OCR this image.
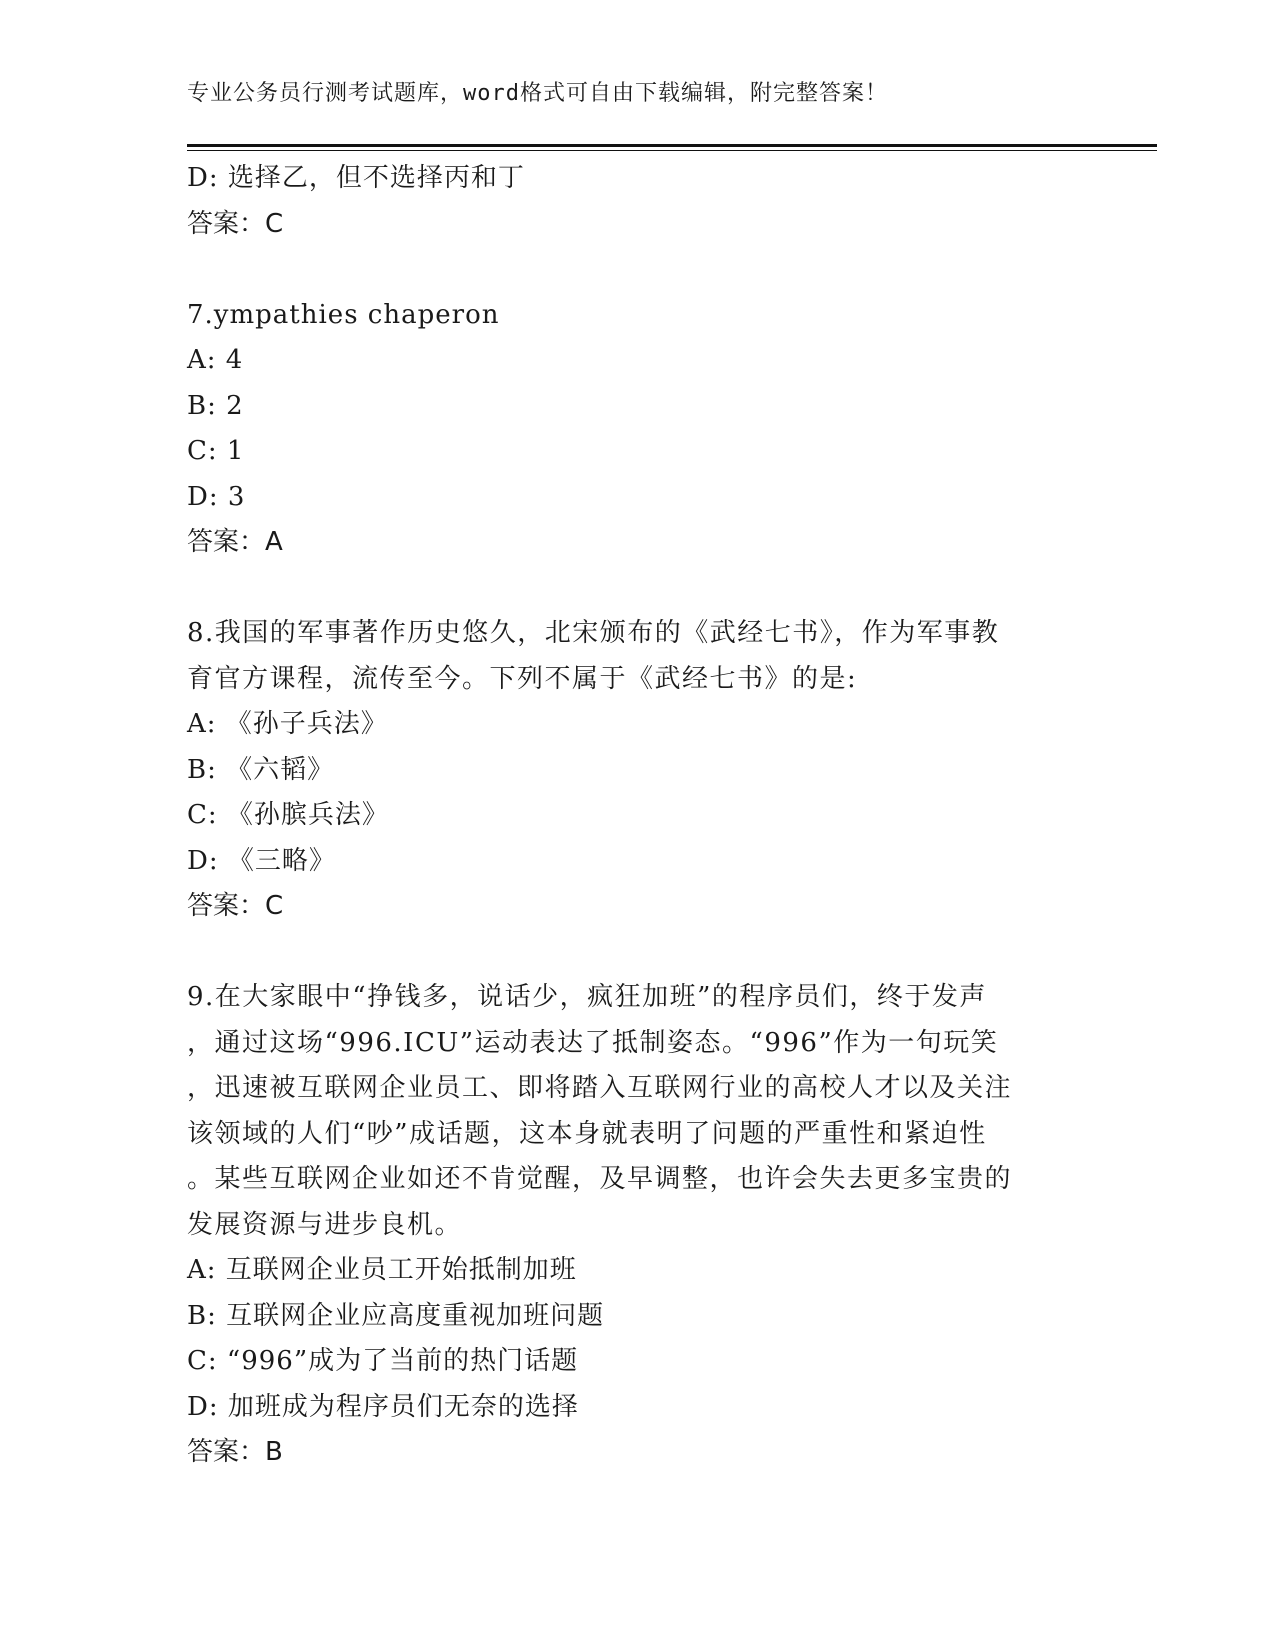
专业公务员行测考试题库，word格式可自由下载编辑，附完整答案！
D: 选择乙，但不选择丙和丁
答案：C
7.ympathies chaperon
A: 4
B: 2
C: 1
D: 3
答案：A
8.我国的军事著作历史悠久，北宋颁布的《武经七书》，作为军事教
育官方课程，流传至今。下列不属于《武经七书》的是:
A: 《孙子兵法》
B: 《六韬》
C: 《孙膑兵法》
D: 《三略》
答案：C
9.在大家眼中“挣钱多，说话少，疯狂加班”的程序员们，终于发声
，通过这场“996.ICU”运动表达了抵制姿态。“996”作为一句玩笑
，迅速被互联网企业员工、即将踏入互联网行业的高校人才以及关注
该领域的人们“吵”成话题，这本身就表明了问题的严重性和紧迫性
。某些互联网企业如还不肯觉醒，及早调整，也许会失去更多宝贵的
发展资源与进步良机。
A: 互联网企业员工开始抵制加班
B: 互联网企业应高度重视加班问题
C: “996”成为了当前的热门话题
D: 加班成为程序员们无奈的选择
答案：B
